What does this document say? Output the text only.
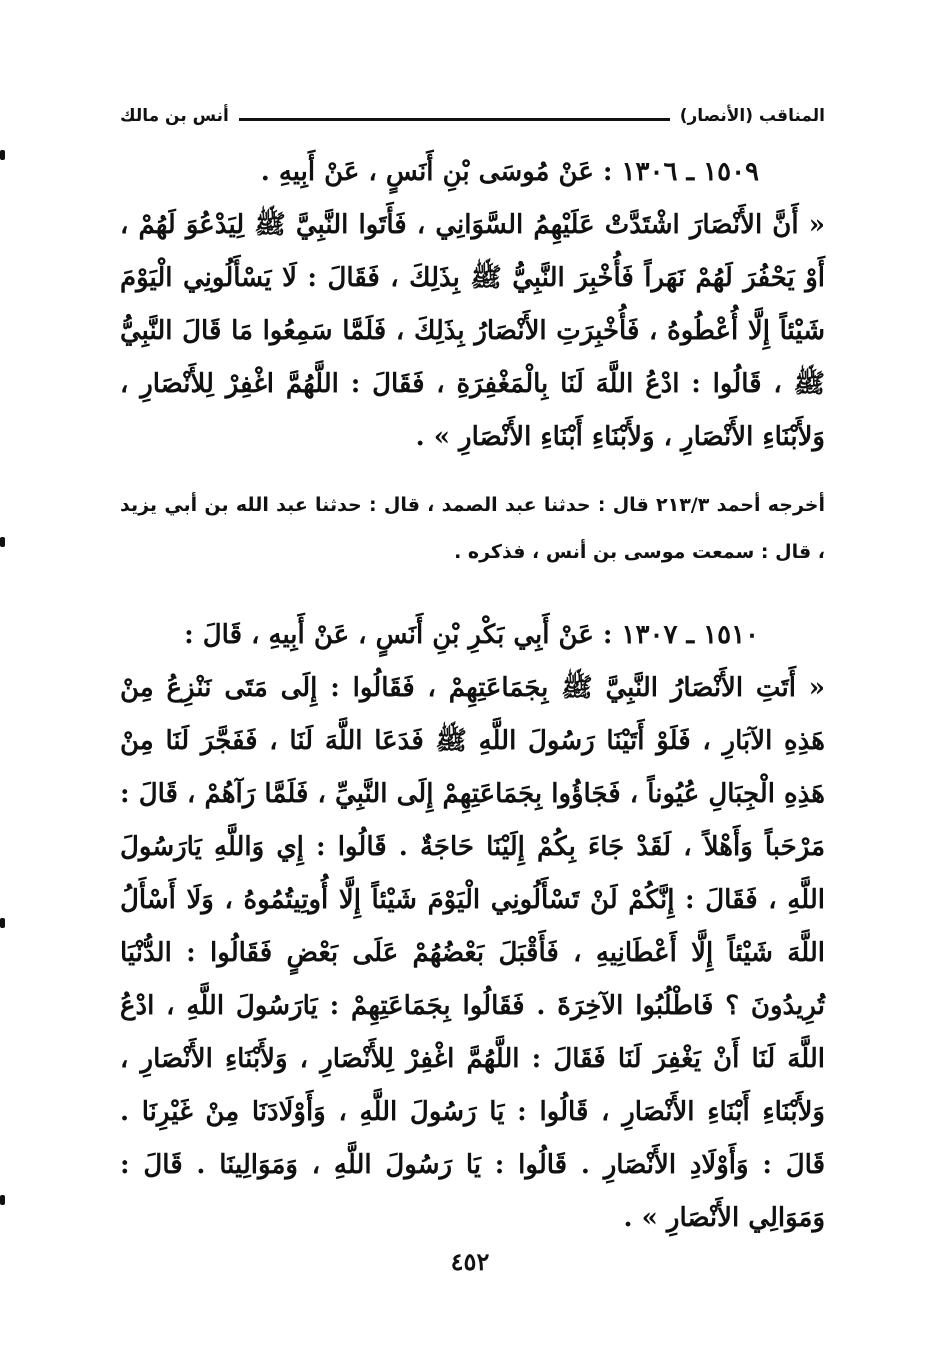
المناقب (الأنصار)
أنس بن مالك

١٥٠٩ ـ ١٣٠٦ : عَنْ مُوسَى بْنِ أَنَسٍ ، عَنْ أَبِيهِ .

« أَنَّ الأَنْصَارَ اشْتَدَّتْ عَلَيْهِمُ السَّوَانِي ، فَأَتَوا النَّبِيَّ ﷺ لِيَدْعُوَ لَهُمْ ، أَوْ يَحْفُرَ لَهُمْ نَهَراً فَأُخْبِرَ النَّبِيُّ ﷺ بِذَلِكَ ، فَقَالَ : لَا يَسْأَلُونِي الْيَوْمَ شَيْئاً إِلَّا أُعْطُوهُ ، فَأُخْبِرَتِ الأَنْصَارُ بِذَلِكَ ، فَلَمَّا سَمِعُوا مَا قَالَ النَّبِيُّ ﷺ ، قَالُوا : ادْعُ اللَّهَ لَنَا بِالْمَغْفِرَةِ ، فَقَالَ : اللَّهُمَّ اغْفِرْ لِلأَنْصَارِ ، وَلأَبْنَاءِ الأَنْصَارِ ، وَلأَبْنَاءِ أَبْنَاءِ الأَنْصَارِ » .

أخرجه أحمد ٢١٣/٣ قال : حدثنا عبد الصمد ، قال : حدثنا عبد الله بن أبي يزيد ، قال : سمعت موسى بن أنس ، فذكره .

١٥١٠ ـ ١٣٠٧ : عَنْ أَبِي بَكْرِ بْنِ أَنَسٍ ، عَنْ أَبِيهِ ، قَالَ :

« أَتَتِ الأَنْصَارُ النَّبِيَّ ﷺ بِجَمَاعَتِهِمْ ، فَقَالُوا : إِلَى مَتَى نَنْزِعُ مِنْ هَذِهِ الآبَارِ ، فَلَوْ أَتَيْنَا رَسُولَ اللَّهِ ﷺ فَدَعَا اللَّهَ لَنَا ، فَفَجَّرَ لَنَا مِنْ هَذِهِ الْجِبَالِ عُيُوناً ، فَجَاؤُوا بِجَمَاعَتِهِمْ إِلَى النَّبِيِّ ، فَلَمَّا رَآهُمْ ، قَالَ : مَرْحَباً وَأَهْلاً ، لَقَدْ جَاءَ بِكُمْ إِلَيْنَا حَاجَةٌ . قَالُوا : إِي وَاللَّهِ يَارَسُولَ اللَّهِ ، فَقَالَ : إِنَّكُمْ لَنْ تَسْأَلُونِي الْيَوْمَ شَيْئاً إِلَّا أُوتِيتُمُوهُ ، وَلَا أَسْأَلُ اللَّهَ شَيْئاً إِلَّا أَعْطَانِيهِ ، فَأَقْبَلَ بَعْضُهُمْ عَلَى بَعْضٍ فَقَالُوا : الدُّنْيَا تُرِيدُونَ ؟ فَاطْلُبُوا الآخِرَةَ . فَقَالُوا بِجَمَاعَتِهِمْ : يَارَسُولَ اللَّهِ ، ادْعُ اللَّهَ لَنَا أَنْ يَغْفِرَ لَنَا فَقَالَ : اللَّهُمَّ اغْفِرْ لِلأَنْصَارِ ، وَلأَبْنَاءِ الأَنْصَارِ ، وَلأَبْنَاءِ أَبْنَاءِ الأَنْصَارِ ، قَالُوا : يَا رَسُولَ اللَّهِ ، وَأَوْلَادَنَا مِنْ غَيْرِنَا . قَالَ : وَأَوْلَادِ الأَنْصَارِ . قَالُوا : يَا رَسُولَ اللَّهِ ، وَمَوَالِينَا . قَالَ : وَمَوَالِي الأَنْصَارِ » .

٤٥٢
